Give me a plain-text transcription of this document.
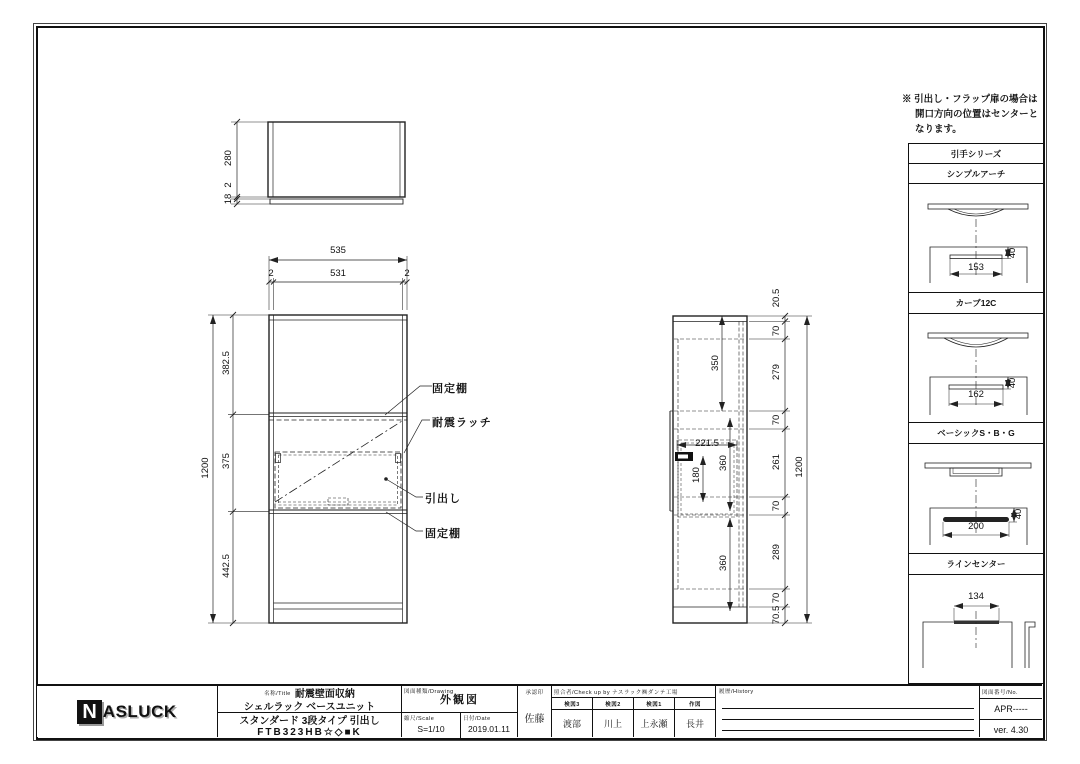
280
2
18
535
2	531	2
382.5
375
442.5
1200
固定棚
耐震ラッチ
引出し
固定棚
350
221.5
360
180
360
20.5
70
279
70
261
70
289
70
70.5
1200
※ 引出し・フラップ扉の場合は
開口方向の位置はセンターと
なります。
引手シリーズ
シンプルアーチ
カーブ12C
ベーシックS・B・G
ラインセンター
153
40
162
40
200
40
134
N ASLUCK
名称/Title 耐震壁面収納
シェルラック ベースユニット
スタンダード 3段タイプ 引出し
FTB323HB☆◇■K
図面種類/Drawing
外観図
縮尺/Scale
S=1/10
日付/Date
2019.01.11
承認印
佐藤
照合者/Check up by ナスラック㈱ダンテ工場
検図3	検図2	検図1	作図
渡部	川上	上永瀬	長井
履歴/History	図面番号/No.
APR-----
ver. 4.30
